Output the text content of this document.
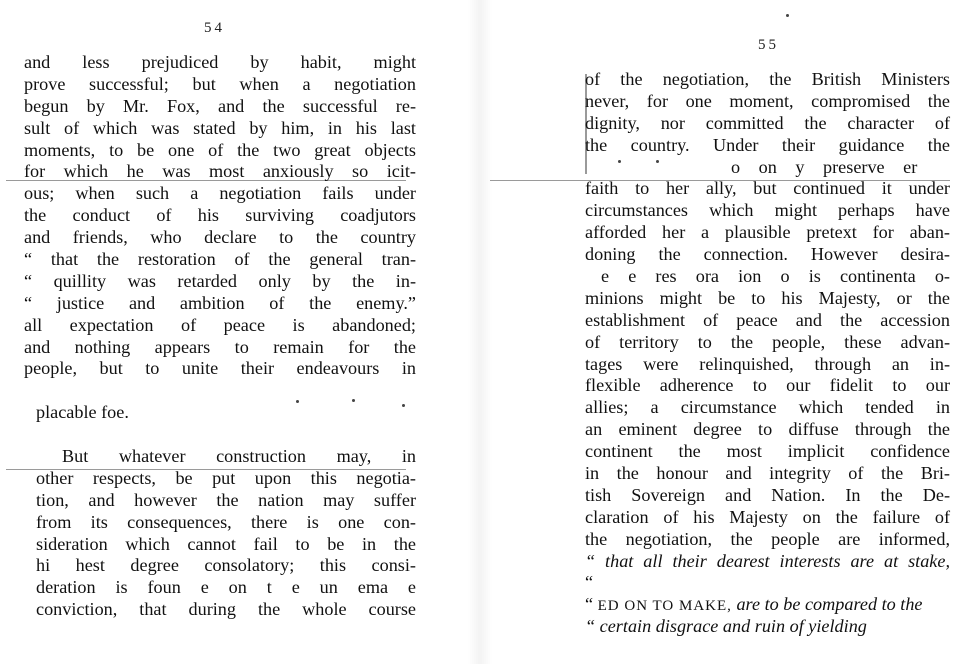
54
and less prejudiced by habit, might
prove successful; but when a negotiation
begun by Mr. Fox, and the successful re-
sult of which was stated by him, in his last
moments, to be one of the two great objects
for which he was most anxiously so icit-
ous; when such a negotiation fails under
the conduct of his surviving coadjutors
and friends, who declare to the country
“ that the restoration of the general tran-
“ quillity was retarded only by the in-
“ justice and ambition of the enemy.”
all expectation of peace is abandoned;
and nothing appears to remain for the
people, but to unite their endeavours in
placable foe.
But whatever construction may, in
other respects, be put upon this negotia-
tion, and however the nation may suffer
from its consequences, there is one con-
sideration which cannot fail to be in the
hi hest degree consolatory; this consi-
deration is foun e on t e un ema e
conviction, that during the whole course
55
of the negotiation, the British Ministers
never, for one moment, compromised the
dignity, nor committed the character of
the country. Under their guidance the
o on y preserve er
faith to her ally, but continued it under
circumstances which might perhaps have
afforded her a plausible pretext for aban-
doning the connection. However desira-
e e res ora ion o is continenta o-
minions might be to his Majesty, or the
establishment of peace and the accession
of territory to the people, these advan-
tages were relinquished, through an in-
flexible adherence to our fidelit to our
allies; a circumstance which tended in
an eminent degree to diffuse through the
continent the most implicit confidence
in the honour and integrity of the Bri-
tish Sovereign and Nation. In the De-
claration of his Majesty on the failure of
the negotiation, the people are informed,
“ that all their dearest interests are at stake,
“
“ ED ON TO MAKE, are to be compared to the
“ certain disgrace and ruin of yielding
